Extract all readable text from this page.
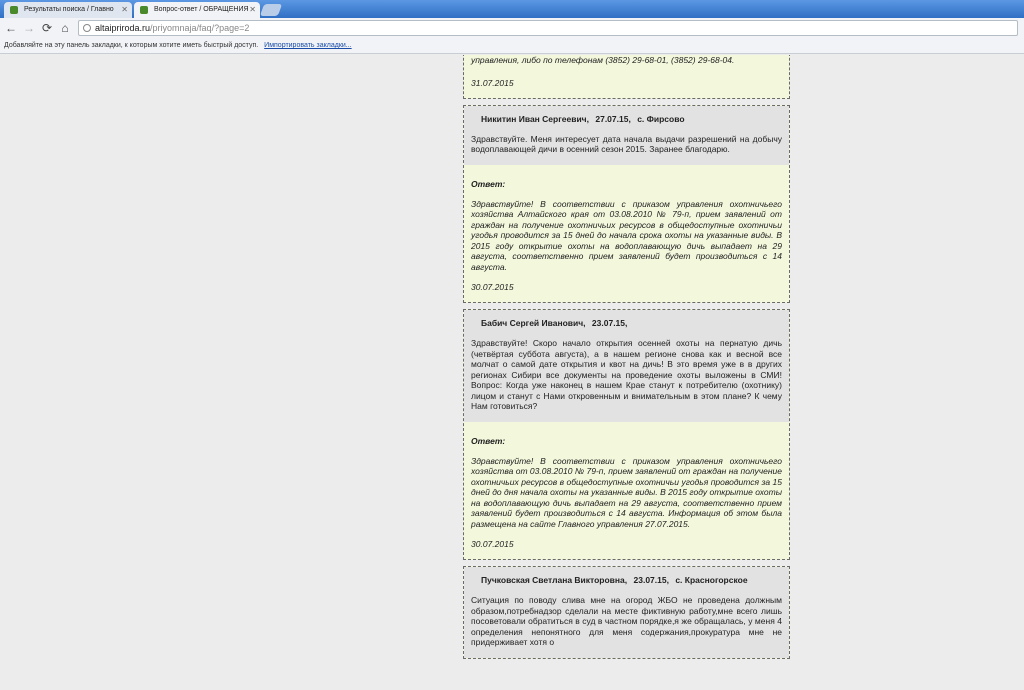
Результаты поиска / Главно ✕	Вопрос-ответ / ОБРАЩЕНИЯ ✕
← → ⟳ ⌂	altaipriroda.ru/priyomnaja/faq/?page=2
Добавляйте на эту панель закладки, к которым хотите иметь быстрый доступ. Импортировать закладки...
управления, либо по телефонам (3852) 29-68-01, (3852) 29-68-04.
31.07.2015
Никитин Иван Сергеевич, 27.07.15, с. Фирсово
Здравствуйте. Меня интересует дата начала выдачи разрешений на добычу водоплавающей дичи в осенний сезон 2015. Заранее благодарю.
Ответ:
Здравствуйте! В соответствии с приказом управления охотничьего хозяйства Алтайского края от 03.08.2010 № 79-п, прием заявлений от граждан на получение охотничьих ресурсов в общедоступные охотничьи угодья проводится за 15 дней до начала срока охоты на указанные виды. В 2015 году открытие охоты на водоплавающую дичь выпадает на 29 августа, соответственно прием заявлений будет производиться с 14 августа.
30.07.2015
Бабич Сергей Иванович, 23.07.15,
Здравствуйте! Скоро начало открытия осенней охоты на пернатую дичь (четвёртая суббота августа), а в нашем регионе снова как и весной все молчат о самой дате открытия и квот на дичь! В это время уже в в других регионах Сибири все документы на проведение охоты выложены в СМИ! Вопрос: Когда уже наконец в нашем Крае станут к потребителю (охотнику) лицом и станут с Нами откровенным и внимательным в этом плане? К чему Нам готовиться?
Ответ:
Здравствуйте! В соответствии с приказом управления охотничьего хозяйства от 03.08.2010 № 79-п, прием заявлений от граждан на получение охотничьих ресурсов в общедоступные охотничьи угодья проводится за 15 дней до дня начала охоты на указанные виды. В 2015 году открытие охоты на водоплавающую дичь выпадает на 29 августа, соответственно прием заявлений будет производиться с 14 августа. Информация об этом была размещена на сайте Главного управления 27.07.2015.
30.07.2015
Пучковская Светлана Викторовна, 23.07.15, с. Красногорское
Ситуация по поводу слива мне на огород ЖБО не проведена должным образом,потребнадзор сделали на месте фиктивную работу,мне всего лишь посоветовали обратиться в суд в частном порядке,я же обращалась, у меня 4 определения непонятного для меня содержания,прокуратура мне не придерживает хотя о
